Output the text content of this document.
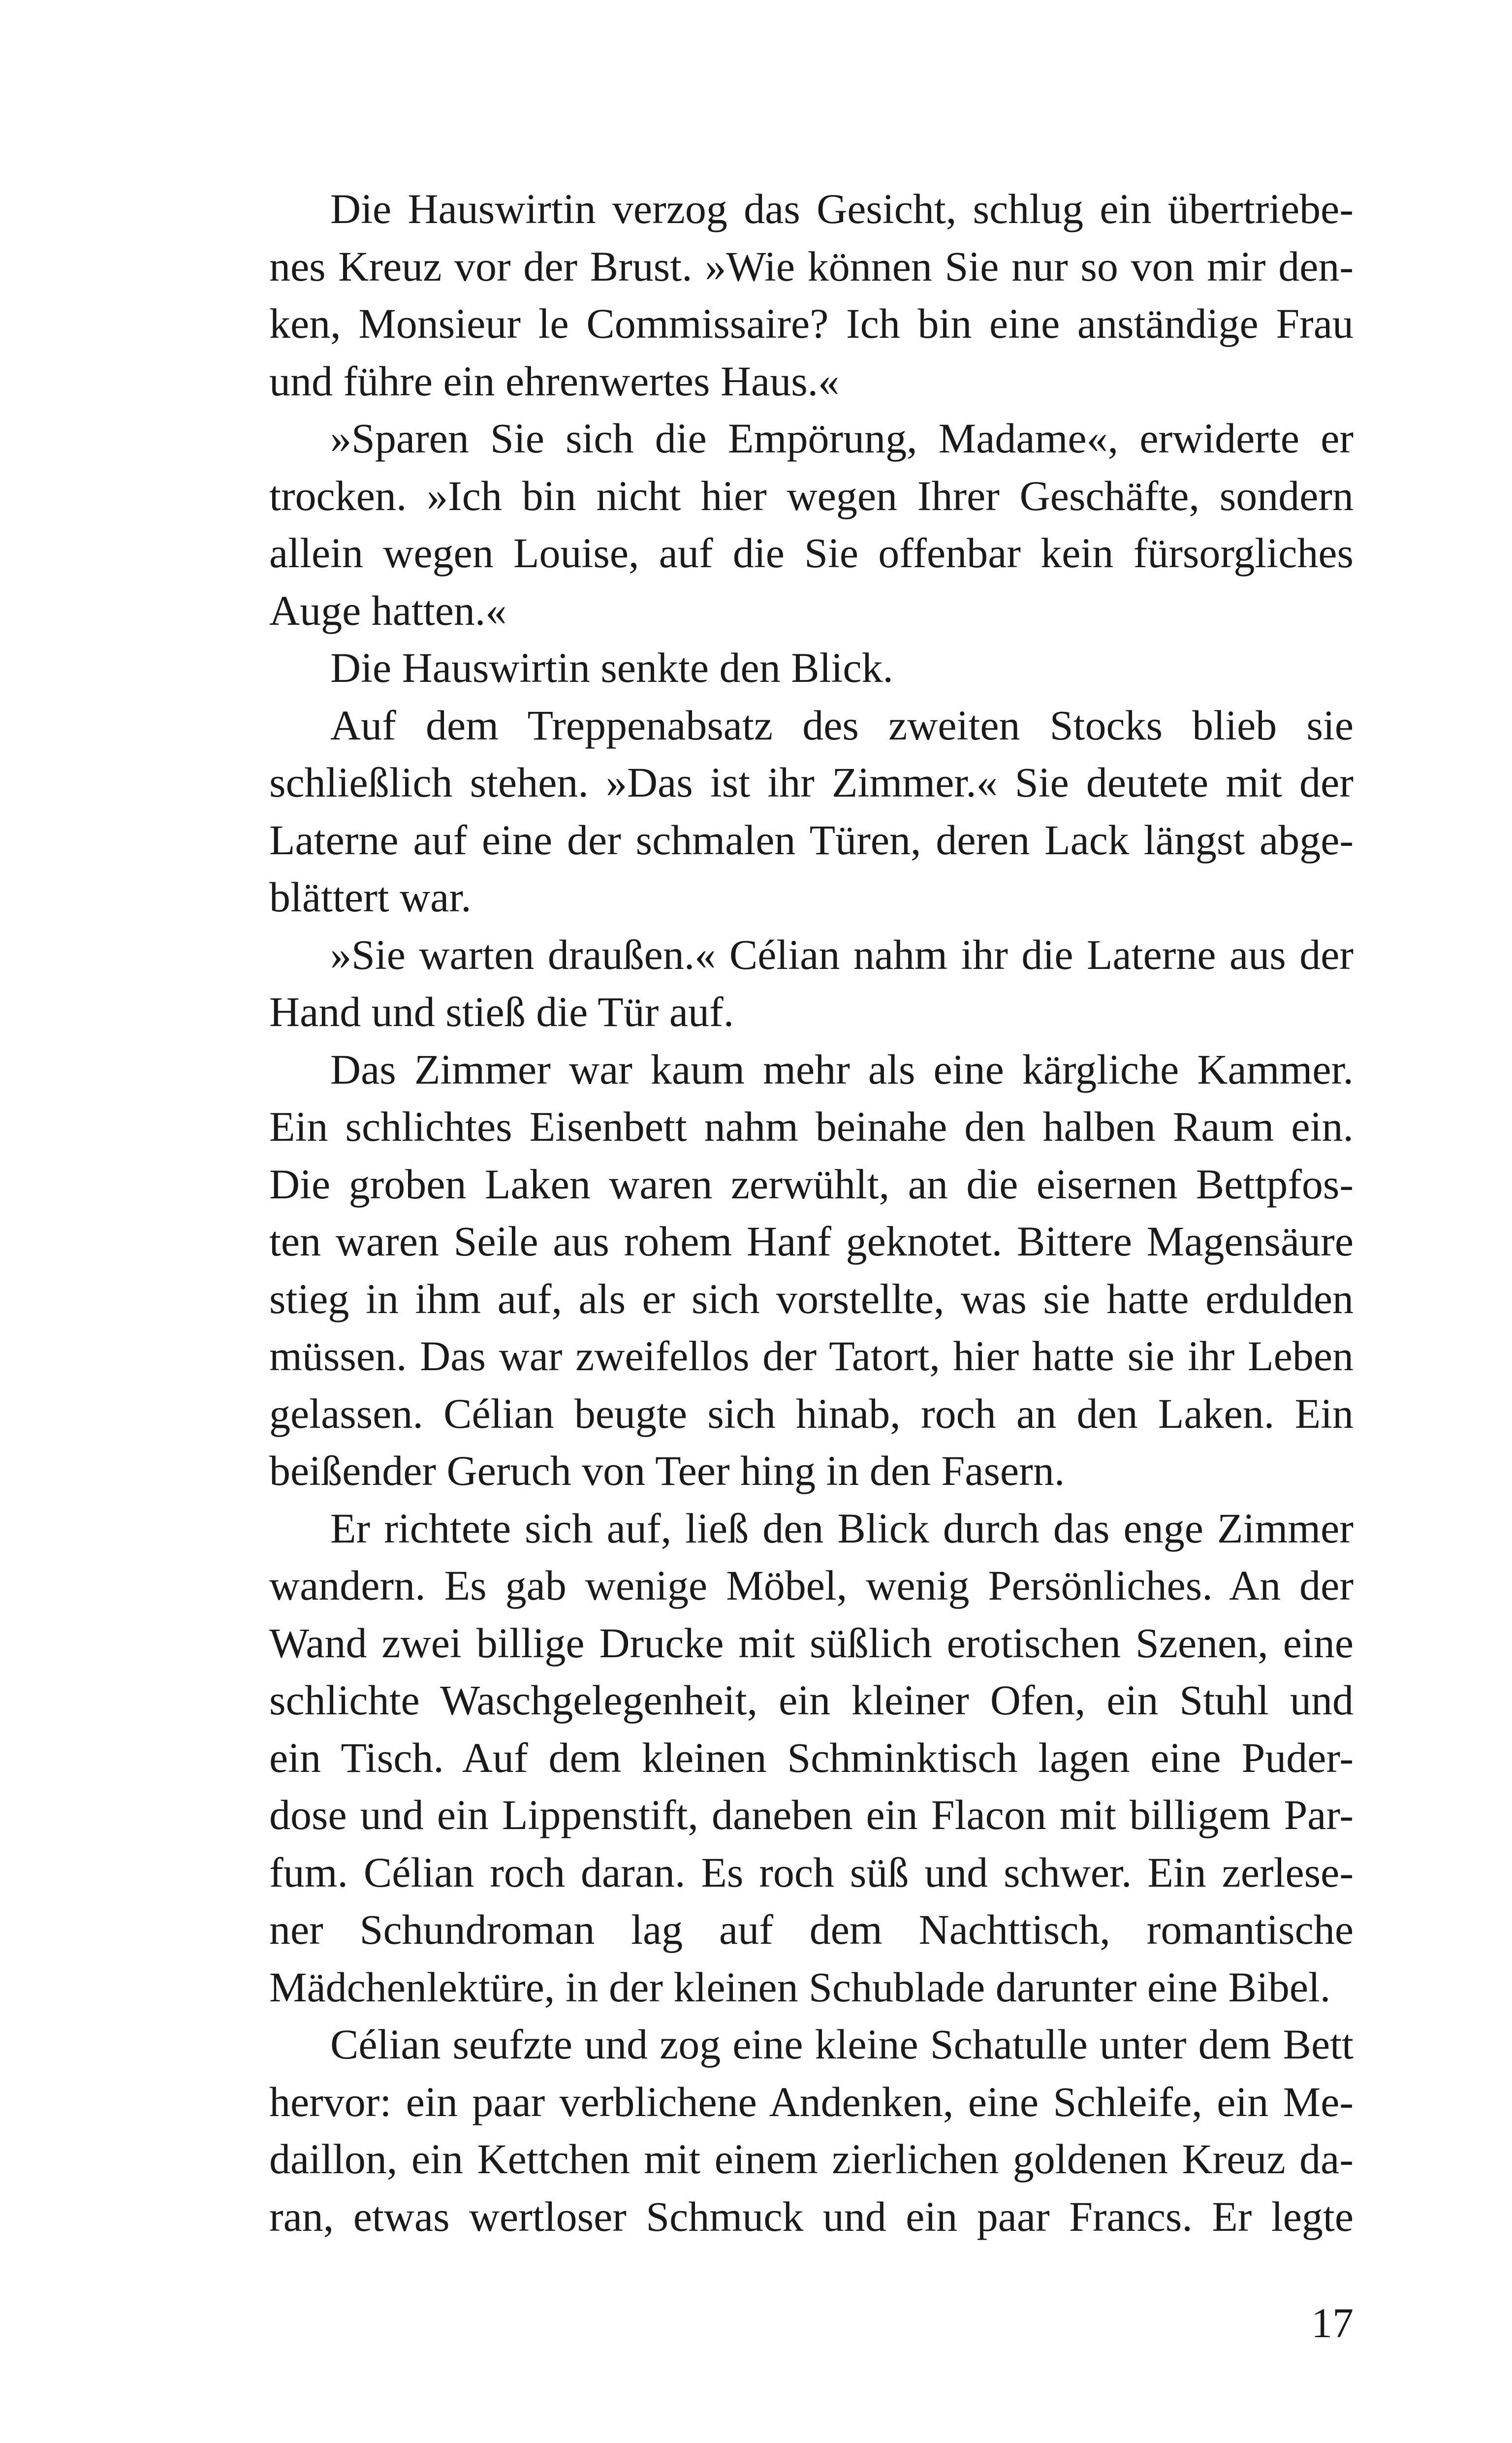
Die Hauswirtin verzog das Gesicht, schlug ein übertriebe-
nes Kreuz vor der Brust. »Wie können Sie nur so von mir den-
ken, Monsieur le Commissaire? Ich bin eine anständige Frau
und führe ein ehrenwertes Haus.«
»Sparen Sie sich die Empörung, Madame«, erwiderte er
trocken. »Ich bin nicht hier wegen Ihrer Geschäfte, sondern
allein wegen Louise, auf die Sie offenbar kein fürsorgliches
Auge hatten.«
Die Hauswirtin senkte den Blick.
Auf dem Treppenabsatz des zweiten Stocks blieb sie
schließlich stehen. »Das ist ihr Zimmer.« Sie deutete mit der
Laterne auf eine der schmalen Türen, deren Lack längst abge-
blättert war.
»Sie warten draußen.« Célian nahm ihr die Laterne aus der
Hand und stieß die Tür auf.
Das Zimmer war kaum mehr als eine kärgliche Kammer.
Ein schlichtes Eisenbett nahm beinahe den halben Raum ein.
Die groben Laken waren zerwühlt, an die eisernen Bettpfos-
ten waren Seile aus rohem Hanf geknotet. Bittere Magensäure
stieg in ihm auf, als er sich vorstellte, was sie hatte erdulden
müssen. Das war zweifellos der Tatort, hier hatte sie ihr Leben
gelassen. Célian beugte sich hinab, roch an den Laken. Ein
beißender Geruch von Teer hing in den Fasern.
Er richtete sich auf, ließ den Blick durch das enge Zimmer
wandern. Es gab wenige Möbel, wenig Persönliches. An der
Wand zwei billige Drucke mit süßlich erotischen Szenen, eine
schlichte Waschgelegenheit, ein kleiner Ofen, ein Stuhl und
ein Tisch. Auf dem kleinen Schminktisch lagen eine Puder-
dose und ein Lippenstift, daneben ein Flacon mit billigem Par-
fum. Célian roch daran. Es roch süß und schwer. Ein zerlese-
ner Schundroman lag auf dem Nachttisch, romantische
Mädchenlektüre, in der kleinen Schublade darunter eine Bibel.
Célian seufzte und zog eine kleine Schatulle unter dem Bett
hervor: ein paar verblichene Andenken, eine Schleife, ein Me-
daillon, ein Kettchen mit einem zierlichen goldenen Kreuz da-
ran, etwas wertloser Schmuck und ein paar Francs. Er legte
17
